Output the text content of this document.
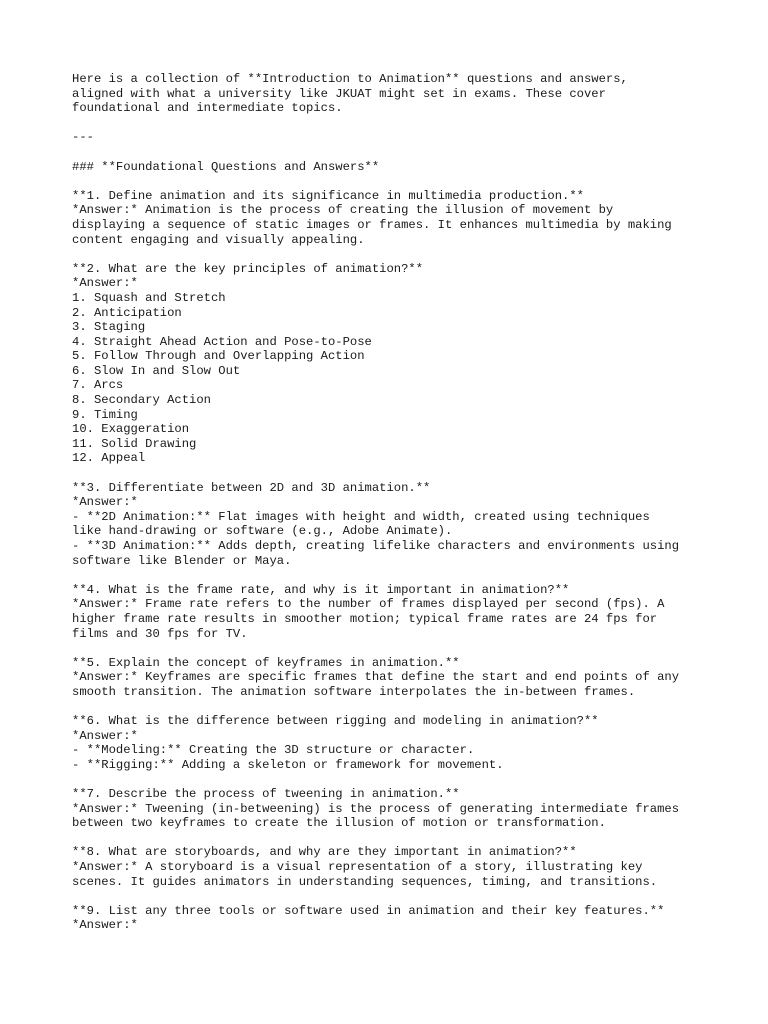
Here is a collection of **Introduction to Animation** questions and answers,
aligned with what a university like JKUAT might set in exams. These cover
foundational and intermediate topics.
---
### **Foundational Questions and Answers**
**1. Define animation and its significance in multimedia production.**
*Answer:* Animation is the process of creating the illusion of movement by
displaying a sequence of static images or frames. It enhances multimedia by making
content engaging and visually appealing.
**2. What are the key principles of animation?**
*Answer:*
1. Squash and Stretch
2. Anticipation
3. Staging
4. Straight Ahead Action and Pose-to-Pose
5. Follow Through and Overlapping Action
6. Slow In and Slow Out
7. Arcs
8. Secondary Action
9. Timing
10. Exaggeration
11. Solid Drawing
12. Appeal
**3. Differentiate between 2D and 3D animation.**
*Answer:*
- **2D Animation:** Flat images with height and width, created using techniques
like hand-drawing or software (e.g., Adobe Animate).
- **3D Animation:** Adds depth, creating lifelike characters and environments using
software like Blender or Maya.
**4. What is the frame rate, and why is it important in animation?**
*Answer:* Frame rate refers to the number of frames displayed per second (fps). A
higher frame rate results in smoother motion; typical frame rates are 24 fps for
films and 30 fps for TV.
**5. Explain the concept of keyframes in animation.**
*Answer:* Keyframes are specific frames that define the start and end points of any
smooth transition. The animation software interpolates the in-between frames.
**6. What is the difference between rigging and modeling in animation?**
*Answer:*
- **Modeling:** Creating the 3D structure or character.
- **Rigging:** Adding a skeleton or framework for movement.
**7. Describe the process of tweening in animation.**
*Answer:* Tweening (in-betweening) is the process of generating intermediate frames
between two keyframes to create the illusion of motion or transformation.
**8. What are storyboards, and why are they important in animation?**
*Answer:* A storyboard is a visual representation of a story, illustrating key
scenes. It guides animators in understanding sequences, timing, and transitions.
**9. List any three tools or software used in animation and their key features.**
*Answer:*
